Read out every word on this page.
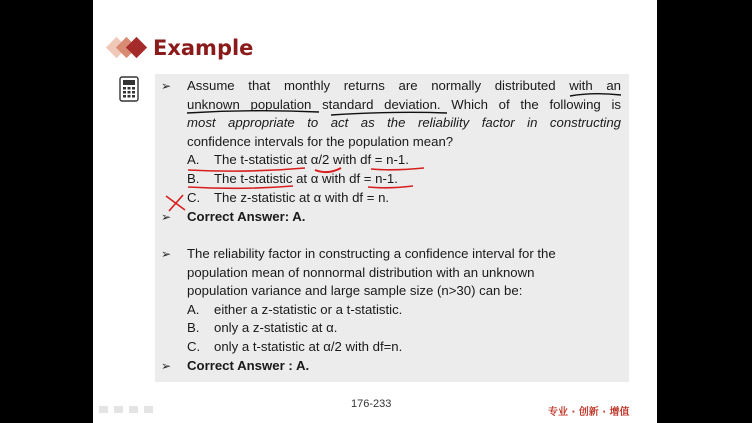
Example
➢ Assume that monthly returns are normally distributed with an
unknown population standard deviation. Which of the following is
most appropriate to act as the reliability factor in constructing
confidence intervals for the population mean?
A. The t-statistic at α/2 with df = n-1.
B. The t-statistic at α with df = n-1.
C. The z-statistic at α with df = n.
➢ Correct Answer: A.
➢ The reliability factor in constructing a confidence interval for the
population mean of nonnormal distribution with an unknown
population variance and large sample size (n>30) can be:
A. either a z-statistic or a t-statistic.
B. only a z-statistic at α.
C. only a t-statistic at α/2 with df=n.
➢ Correct Answer : A.
176-233
专业 · 创新 · 增值
